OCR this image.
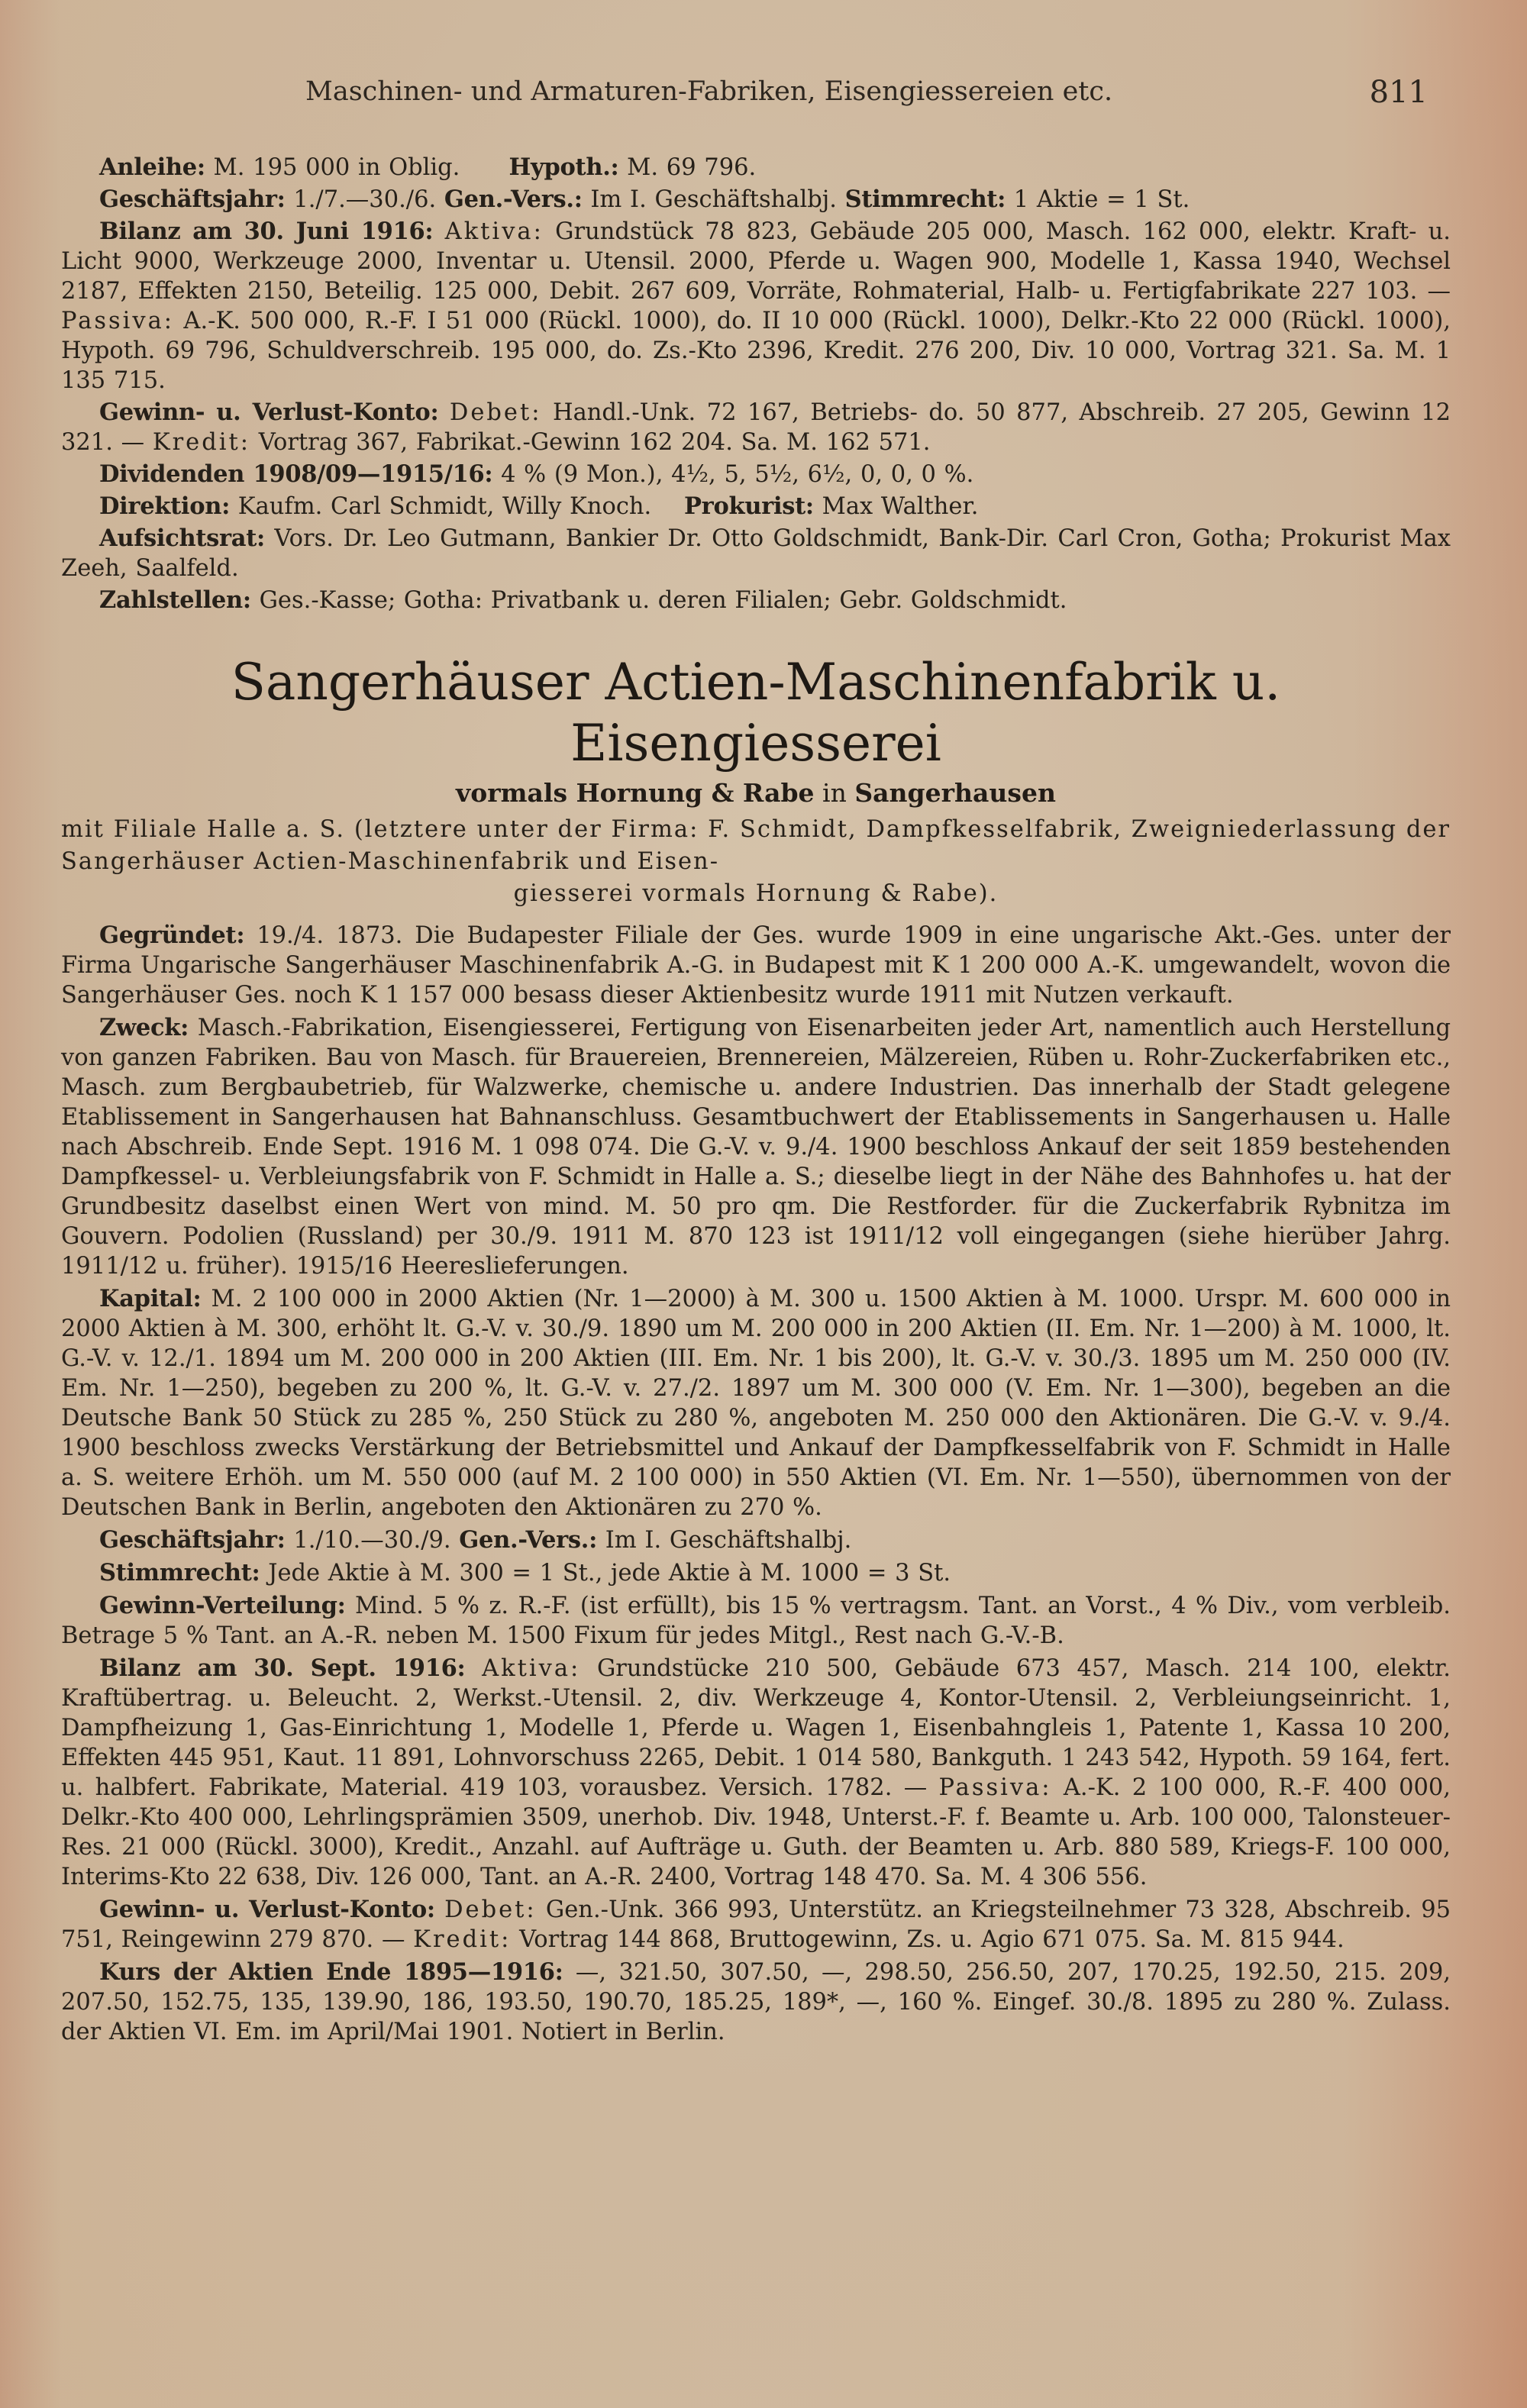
Maschinen- und Armaturen-Fabriken, Eisengiessereien etc.	811

Anleihe: M. 195 000 in Oblig. Hypoth.: M. 69 796.

Geschäftsjahr: 1./7.—30./6. Gen.-Vers.: Im I. Geschäftshalbj. Stimmrecht: 1 Aktie = 1 St.

Bilanz am 30. Juni 1916: Aktiva: Grundstück 78 823, Gebäude 205 000, Masch. 162 000, elektr. Kraft- u. Licht 9000, Werkzeuge 2000, Inventar u. Utensil. 2000, Pferde u. Wagen 900, Modelle 1, Kassa 1940, Wechsel 2187, Effekten 2150, Beteilig. 125 000, Debit. 267 609, Vorräte, Rohmaterial, Halb- u. Fertigfabrikate 227 103. — Passiva: A.-K. 500 000, R.-F. I 51 000 (Rückl. 1000), do. II 10 000 (Rückl. 1000), Delkr.-Kto 22 000 (Rückl. 1000), Hypoth. 69 796, Schuldverschreib. 195 000, do. Zs.-Kto 2396, Kredit. 276 200, Div. 10 000, Vortrag 321. Sa. M. 1 135 715.

Gewinn- u. Verlust-Konto: Debet: Handl.-Unk. 72 167, Betriebs- do. 50 877, Abschreib. 27 205, Gewinn 12 321. — Kredit: Vortrag 367, Fabrikat.-Gewinn 162 204. Sa. M. 162 571.

Dividenden 1908/09—1915/16: 4 % (9 Mon.), 4½, 5, 5½, 6½, 0, 0, 0 %.

Direktion: Kaufm. Carl Schmidt, Willy Knoch.    Prokurist: Max Walther.

Aufsichtsrat: Vors. Dr. Leo Gutmann, Bankier Dr. Otto Goldschmidt, Bank-Dir. Carl Cron, Gotha; Prokurist Max Zeeh, Saalfeld.

Zahlstellen: Ges.-Kasse; Gotha: Privatbank u. deren Filialen; Gebr. Goldschmidt.

Sangerhäuser Actien-Maschinenfabrik u. Eisengiesserei
vormals Hornung & Rabe in Sangerhausen
mit Filiale Halle a. S. (letztere unter der Firma: F. Schmidt, Dampfkesselfabrik, Zweigniederlassung der Sangerhäuser Actien-Maschinenfabrik und Eisen-
giesserei vormals Hornung & Rabe).

Gegründet: 19./4. 1873. Die Budapester Filiale der Ges. wurde 1909 in eine ungarische Akt.-Ges. unter der Firma Ungarische Sangerhäuser Maschinenfabrik A.-G. in Budapest mit K 1 200 000 A.-K. umgewandelt, wovon die Sangerhäuser Ges. noch K 1 157 000 besass dieser Aktienbesitz wurde 1911 mit Nutzen verkauft.

Zweck: Masch.-Fabrikation, Eisengiesserei, Fertigung von Eisenarbeiten jeder Art, namentlich auch Herstellung von ganzen Fabriken. Bau von Masch. für Brauereien, Brennereien, Mälzereien, Rüben u. Rohr-Zuckerfabriken etc., Masch. zum Bergbaubetrieb, für Walzwerke, chemische u. andere Industrien. Das innerhalb der Stadt gelegene Etablissement in Sangerhausen hat Bahnanschluss. Gesamtbuchwert der Etablissements in Sangerhausen u. Halle nach Abschreib. Ende Sept. 1916 M. 1 098 074. Die G.-V. v. 9./4. 1900 beschloss Ankauf der seit 1859 bestehenden Dampfkessel- u. Verbleiungsfabrik von F. Schmidt in Halle a. S.; dieselbe liegt in der Nähe des Bahnhofes u. hat der Grundbesitz daselbst einen Wert von mind. M. 50 pro qm. Die Restforder. für die Zuckerfabrik Rybnitza im Gouvern. Podolien (Russland) per 30./9. 1911 M. 870 123 ist 1911/12 voll eingegangen (siehe hierüber Jahrg. 1911/12 u. früher). 1915/16 Heereslieferungen.

Kapital: M. 2 100 000 in 2000 Aktien (Nr. 1—2000) à M. 300 u. 1500 Aktien à M. 1000. Urspr. M. 600 000 in 2000 Aktien à M. 300, erhöht lt. G.-V. v. 30./9. 1890 um M. 200 000 in 200 Aktien (II. Em. Nr. 1—200) à M. 1000, lt. G.-V. v. 12./1. 1894 um M. 200 000 in 200 Aktien (III. Em. Nr. 1 bis 200), lt. G.-V. v. 30./3. 1895 um M. 250 000 (IV. Em. Nr. 1—250), begeben zu 200 %, lt. G.-V. v. 27./2. 1897 um M. 300 000 (V. Em. Nr. 1—300), begeben an die Deutsche Bank 50 Stück zu 285 %, 250 Stück zu 280 %, angeboten M. 250 000 den Aktionären. Die G.-V. v. 9./4. 1900 beschloss zwecks Verstärkung der Betriebsmittel und Ankauf der Dampfkesselfabrik von F. Schmidt in Halle a. S. weitere Erhöh. um M. 550 000 (auf M. 2 100 000) in 550 Aktien (VI. Em. Nr. 1—550), übernommen von der Deutschen Bank in Berlin, angeboten den Aktionären zu 270 %.

Geschäftsjahr: 1./10.—30./9. Gen.-Vers.: Im I. Geschäftshalbj.

Stimmrecht: Jede Aktie à M. 300 = 1 St., jede Aktie à M. 1000 = 3 St.

Gewinn-Verteilung: Mind. 5 % z. R.-F. (ist erfüllt), bis 15 % vertragsm. Tant. an Vorst., 4 % Div., vom verbleib. Betrage 5 % Tant. an A.-R. neben M. 1500 Fixum für jedes Mitgl., Rest nach G.-V.-B.

Bilanz am 30. Sept. 1916: Aktiva: Grundstücke 210 500, Gebäude 673 457, Masch. 214 100, elektr. Kraftübertrag. u. Beleucht. 2, Werkst.-Utensil. 2, div. Werkzeuge 4, Kontor-Utensil. 2, Verbleiungseinricht. 1, Dampfheizung 1, Gas-Einrichtung 1, Modelle 1, Pferde u. Wagen 1, Eisenbahngleis 1, Patente 1, Kassa 10 200, Effekten 445 951, Kaut. 11 891, Lohnvorschuss 2265, Debit. 1 014 580, Bankguth. 1 243 542, Hypoth. 59 164, fert. u. halbfert. Fabrikate, Material. 419 103, vorausbez. Versich. 1782. — Passiva: A.-K. 2 100 000, R.-F. 400 000, Delkr.-Kto 400 000, Lehrlingsprämien 3509, unerhob. Div. 1948, Unterst.-F. f. Beamte u. Arb. 100 000, Talonsteuer-Res. 21 000 (Rückl. 3000), Kredit., Anzahl. auf Aufträge u. Guth. der Beamten u. Arb. 880 589, Kriegs-F. 100 000, Interims-Kto 22 638, Div. 126 000, Tant. an A.-R. 2400, Vortrag 148 470. Sa. M. 4 306 556.

Gewinn- u. Verlust-Konto: Debet: Gen.-Unk. 366 993, Unterstütz. an Kriegsteilnehmer 73 328, Abschreib. 95 751, Reingewinn 279 870. — Kredit: Vortrag 144 868, Bruttogewinn, Zs. u. Agio 671 075. Sa. M. 815 944.

Kurs der Aktien Ende 1895—1916: —, 321.50, 307.50, —, 298.50, 256.50, 207, 170.25, 192.50, 215. 209, 207.50, 152.75, 135, 139.90, 186, 193.50, 190.70, 185.25, 189*, —, 160 %. Eingef. 30./8. 1895 zu 280 %. Zulass. der Aktien VI. Em. im April/Mai 1901. Notiert in Berlin.
